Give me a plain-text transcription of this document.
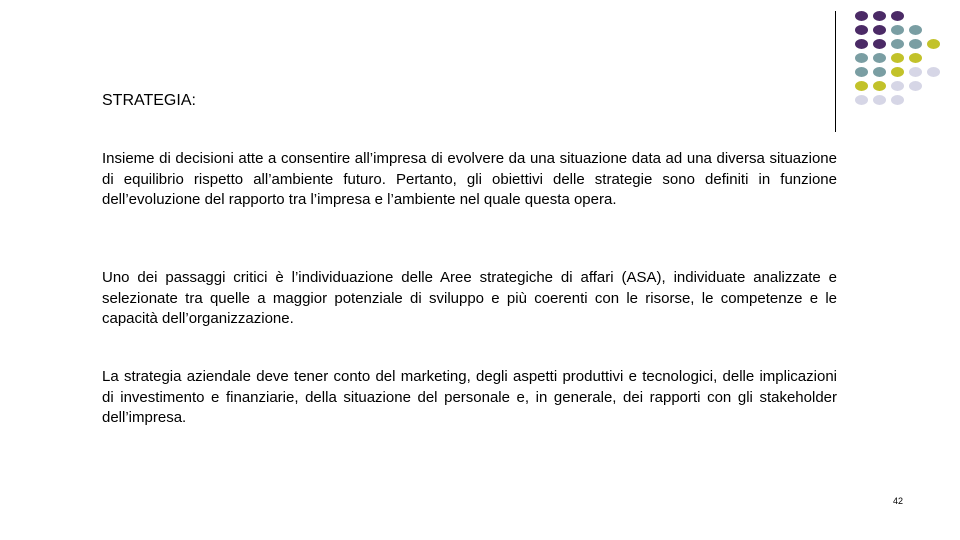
STRATEGIA:

Insieme di decisioni atte a consentire all’impresa di evolvere da una situazione data ad una diversa situazione di equilibrio rispetto all’ambiente futuro. Pertanto, gli obiettivi delle strategie sono definiti in funzione dell’evoluzione del rapporto tra l’impresa e l’ambiente nel quale questa opera.

Uno dei passaggi critici è l’individuazione delle Aree strategiche di affari (ASA), individuate analizzate e selezionate tra quelle a maggior potenziale di sviluppo e più coerenti con le risorse, le competenze e le capacità dell’organizzazione.

La strategia aziendale deve tener conto del marketing, degli aspetti produttivi e tecnologici, delle implicazioni di investimento e finanziarie, della situazione del personale e, in generale, dei rapporti con gli stakeholder dell’impresa.

42
